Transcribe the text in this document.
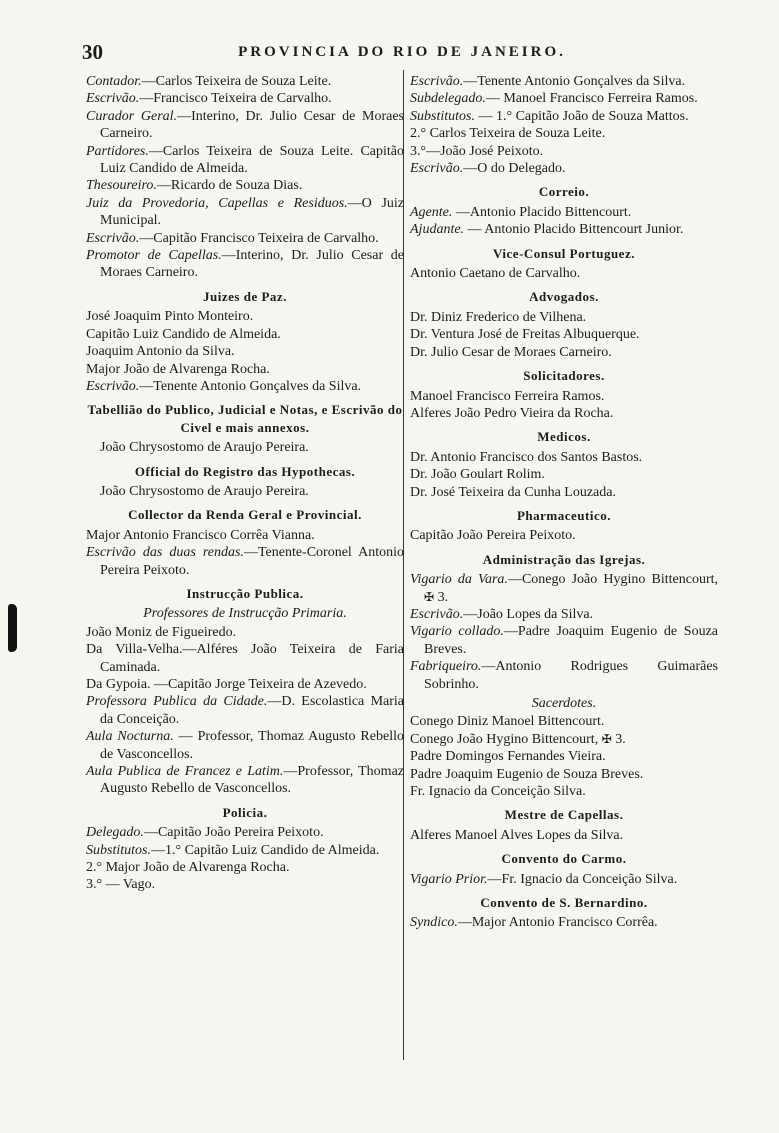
30	PROVINCIA DO RIO DE JANEIRO.

Contador.—Carlos Teixeira de Souza Leite.

Escrivão.—Francisco Teixeira de Carvalho.

Curador Geral.—Interino, Dr. Julio Cesar de Moraes Carneiro.

Partidores.—Carlos Teixeira de Souza Leite. Capitão Luiz Candido de Almeida.

Thesoureiro.—Ricardo de Souza Dias.

Juiz da Provedoria, Capellas e Residuos.—O Juiz Municipal.

Escrivão.—Capitão Francisco Teixeira de Carvalho.

Promotor de Capellas.—Interino, Dr. Julio Cesar de Moraes Carneiro.

Juizes de Paz.

José Joaquim Pinto Monteiro.

Capitão Luiz Candido de Almeida.

Joaquim Antonio da Silva.

Major João de Alvarenga Rocha.

Escrivão.—Tenente Antonio Gonçalves da Silva.

Tabellião do Publico, Judicial e Notas, e Escrivão do Civel e mais annexos.

João Chrysostomo de Araujo Pereira.

Official do Registro das Hypothecas.

João Chrysostomo de Araujo Pereira.

Collector da Renda Geral e Provincial.

Major Antonio Francisco Corrêa Vianna.

Escrivão das duas rendas.—Tenente-Coronel Antonio Pereira Peixoto.

Instrucção Publica.

Professores de Instrucção Primaria.

João Moniz de Figueiredo.

Da Villa-Velha.—Alféres João Teixeira de Faria Caminada.

Da Gypoia. —Capitão Jorge Teixeira de Azevedo.

Professora Publica da Cidade.—D. Escolastica Maria da Conceição.

Aula Nocturna. — Professor, Thomaz Augusto Rebello de Vasconcellos.

Aula Publica de Francez e Latim.—Professor, Thomaz Augusto Rebello de Vasconcellos.

Policia.

Delegado.—Capitão João Pereira Peixoto.

Substitutos.—1.° Capitão Luiz Candido de Almeida.

2.° Major João de Alvarenga Rocha.

3.° — Vago.

Escrivão.—Tenente Antonio Gonçalves da Silva.

Subdelegado.— Manoel Francisco Ferreira Ramos.

Substitutos. — 1.° Capitão João de Souza Mattos.

2.° Carlos Teixeira de Souza Leite.

3.°—João José Peixoto.

Escrivão.—O do Delegado.

Correio.

Agente. —Antonio Placido Bittencourt.

Ajudante. — Antonio Placido Bittencourt Junior.

Vice-Consul Portuguez.

Antonio Caetano de Carvalho.

Advogados.

Dr. Diniz Frederico de Vilhena.

Dr. Ventura José de Freitas Albuquerque.

Dr. Julio Cesar de Moraes Carneiro.

Solicitadores.

Manoel Francisco Ferreira Ramos.

Alferes João Pedro Vieira da Rocha.

Medicos.

Dr. Antonio Francisco dos Santos Bastos.

Dr. João Goulart Rolim.

Dr. José Teixeira da Cunha Louzada.

Pharmaceutico.

Capitão João Pereira Peixoto.

Administração das Igrejas.

Vigario da Vara.—Conego João Hygino Bittencourt, ✠ 3.

Escrivão.—João Lopes da Silva.

Vigario collado.—Padre Joaquim Eugenio de Souza Breves.

Fabriqueiro.—Antonio Rodrigues Guimarães Sobrinho.

Sacerdotes.

Conego Diniz Manoel Bittencourt.

Conego João Hygino Bittencourt, ✠ 3.

Padre Domingos Fernandes Vieira.

Padre Joaquim Eugenio de Souza Breves.

Fr. Ignacio da Conceição Silva.

Mestre de Capellas.

Alferes Manoel Alves Lopes da Silva.

Convento do Carmo.

Vigario Prior.—Fr. Ignacio da Conceição Silva.

Convento de S. Bernardino.

Syndico.—Major Antonio Francisco Corrêa.
